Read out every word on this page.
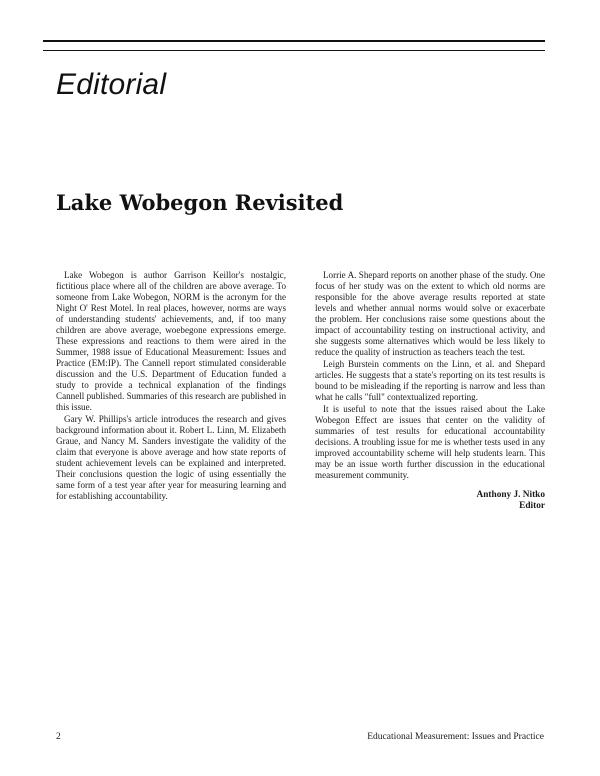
Editorial
Lake Wobegon Revisited

Lake Wobegon is author Garrison Keillor's nostalgic, fictitious place where all of the children are above average. To someone from Lake Wobegon, NORM is the acronym for the Night O' Rest Motel. In real places, however, norms are ways of understanding students' achievements, and, if too many children are above average, woebegone expressions emerge. These expressions and reactions to them were aired in the Summer, 1988 issue of Educational Measurement: Issues and Practice (EM:IP). The Cannell report stimulated considerable discussion and the U.S. Department of Education funded a study to provide a technical explanation of the findings Cannell published. Summaries of this research are published in this issue.

Gary W. Phillips's article introduces the research and gives background information about it. Robert L. Linn, M. Elizabeth Graue, and Nancy M. Sanders investigate the validity of the claim that everyone is above average and how state reports of student achievement levels can be explained and interpreted. Their conclusions question the logic of using essentially the same form of a test year after year for measuring learning and for establishing accountability.

Lorrie A. Shepard reports on another phase of the study. One focus of her study was on the extent to which old norms are responsible for the above average results reported at state levels and whether annual norms would solve or exacerbate the problem. Her conclusions raise some questions about the impact of accountability testing on instructional activity, and she suggests some alternatives which would be less likely to reduce the quality of instruction as teachers teach the test.

Leigh Burstein comments on the Linn, et al. and Shepard articles. He suggests that a state's reporting on its test results is bound to be misleading if the reporting is narrow and less than what he calls "full" contextualized reporting.

It is useful to note that the issues raised about the Lake Wobegon Effect are issues that center on the validity of summaries of test results for educational accountability decisions. A troubling issue for me is whether tests used in any improved accountability scheme will help students learn. This may be an issue worth further discussion in the educational measurement community.

Anthony J. Nitko
Editor
2	Educational Measurement: Issues and Practice
